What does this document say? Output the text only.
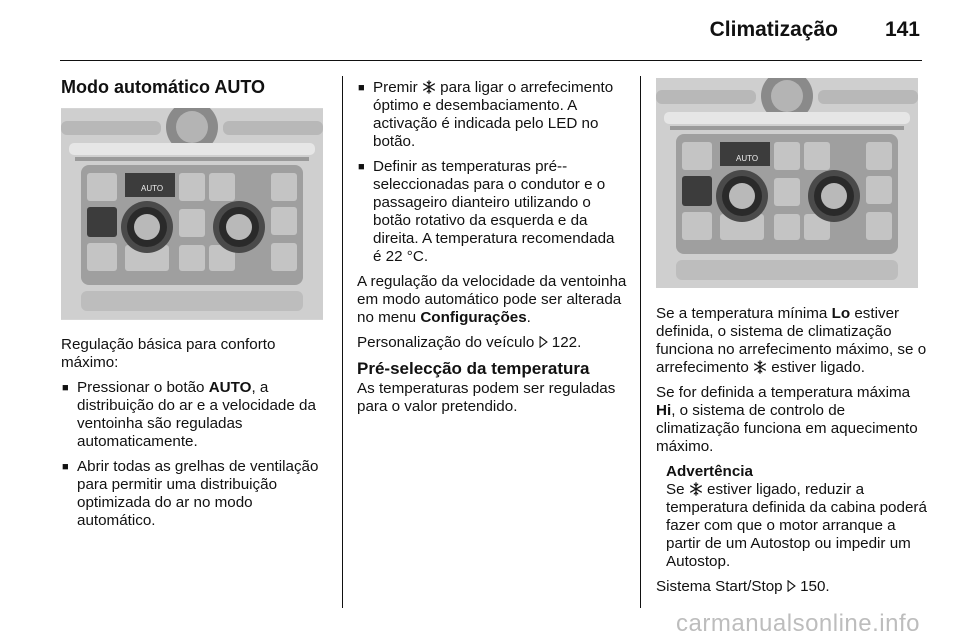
Climatização 141
Modo automático AUTO
AUTO

Regulação básica para conforto máximo:

■ Pressionar o botão AUTO, a distribuição do ar e a velocidade da ventoinha são reguladas automaticamente.
■ Abrir todas as grelhas de ventilação para permitir uma distribuição optimizada do ar no modo automático.
■ Premir  para ligar o arrefecimento óptimo e desembaciamento. A activação é indicada pelo LED no botão.
■ Definir as temperaturas pré--seleccionadas para o condutor e o passageiro dianteiro utilizando o botão rotativo da esquerda e da direita. A temperatura recomendada é 22 °C.

A regulação da velocidade da ventoinha em modo automático pode ser alterada no menu Configurações.

Personalização do veículo  122.

Pré-selecção da temperatura

As temperaturas podem ser reguladas para o valor pretendido.

AUTO

Se a temperatura mínima Lo estiver definida, o sistema de climatização funciona no arrefecimento máximo, se o arrefecimento  estiver ligado.

Se for definida a temperatura máxima Hi, o sistema de controlo de climatização funciona em aquecimento máximo.

Advertência

Se  estiver ligado, reduzir a temperatura definida da cabina poderá fazer com que o motor arranque a partir de um Autostop ou impedir um Autostop.

Sistema Start/Stop  150.

carmanualsonline.info
